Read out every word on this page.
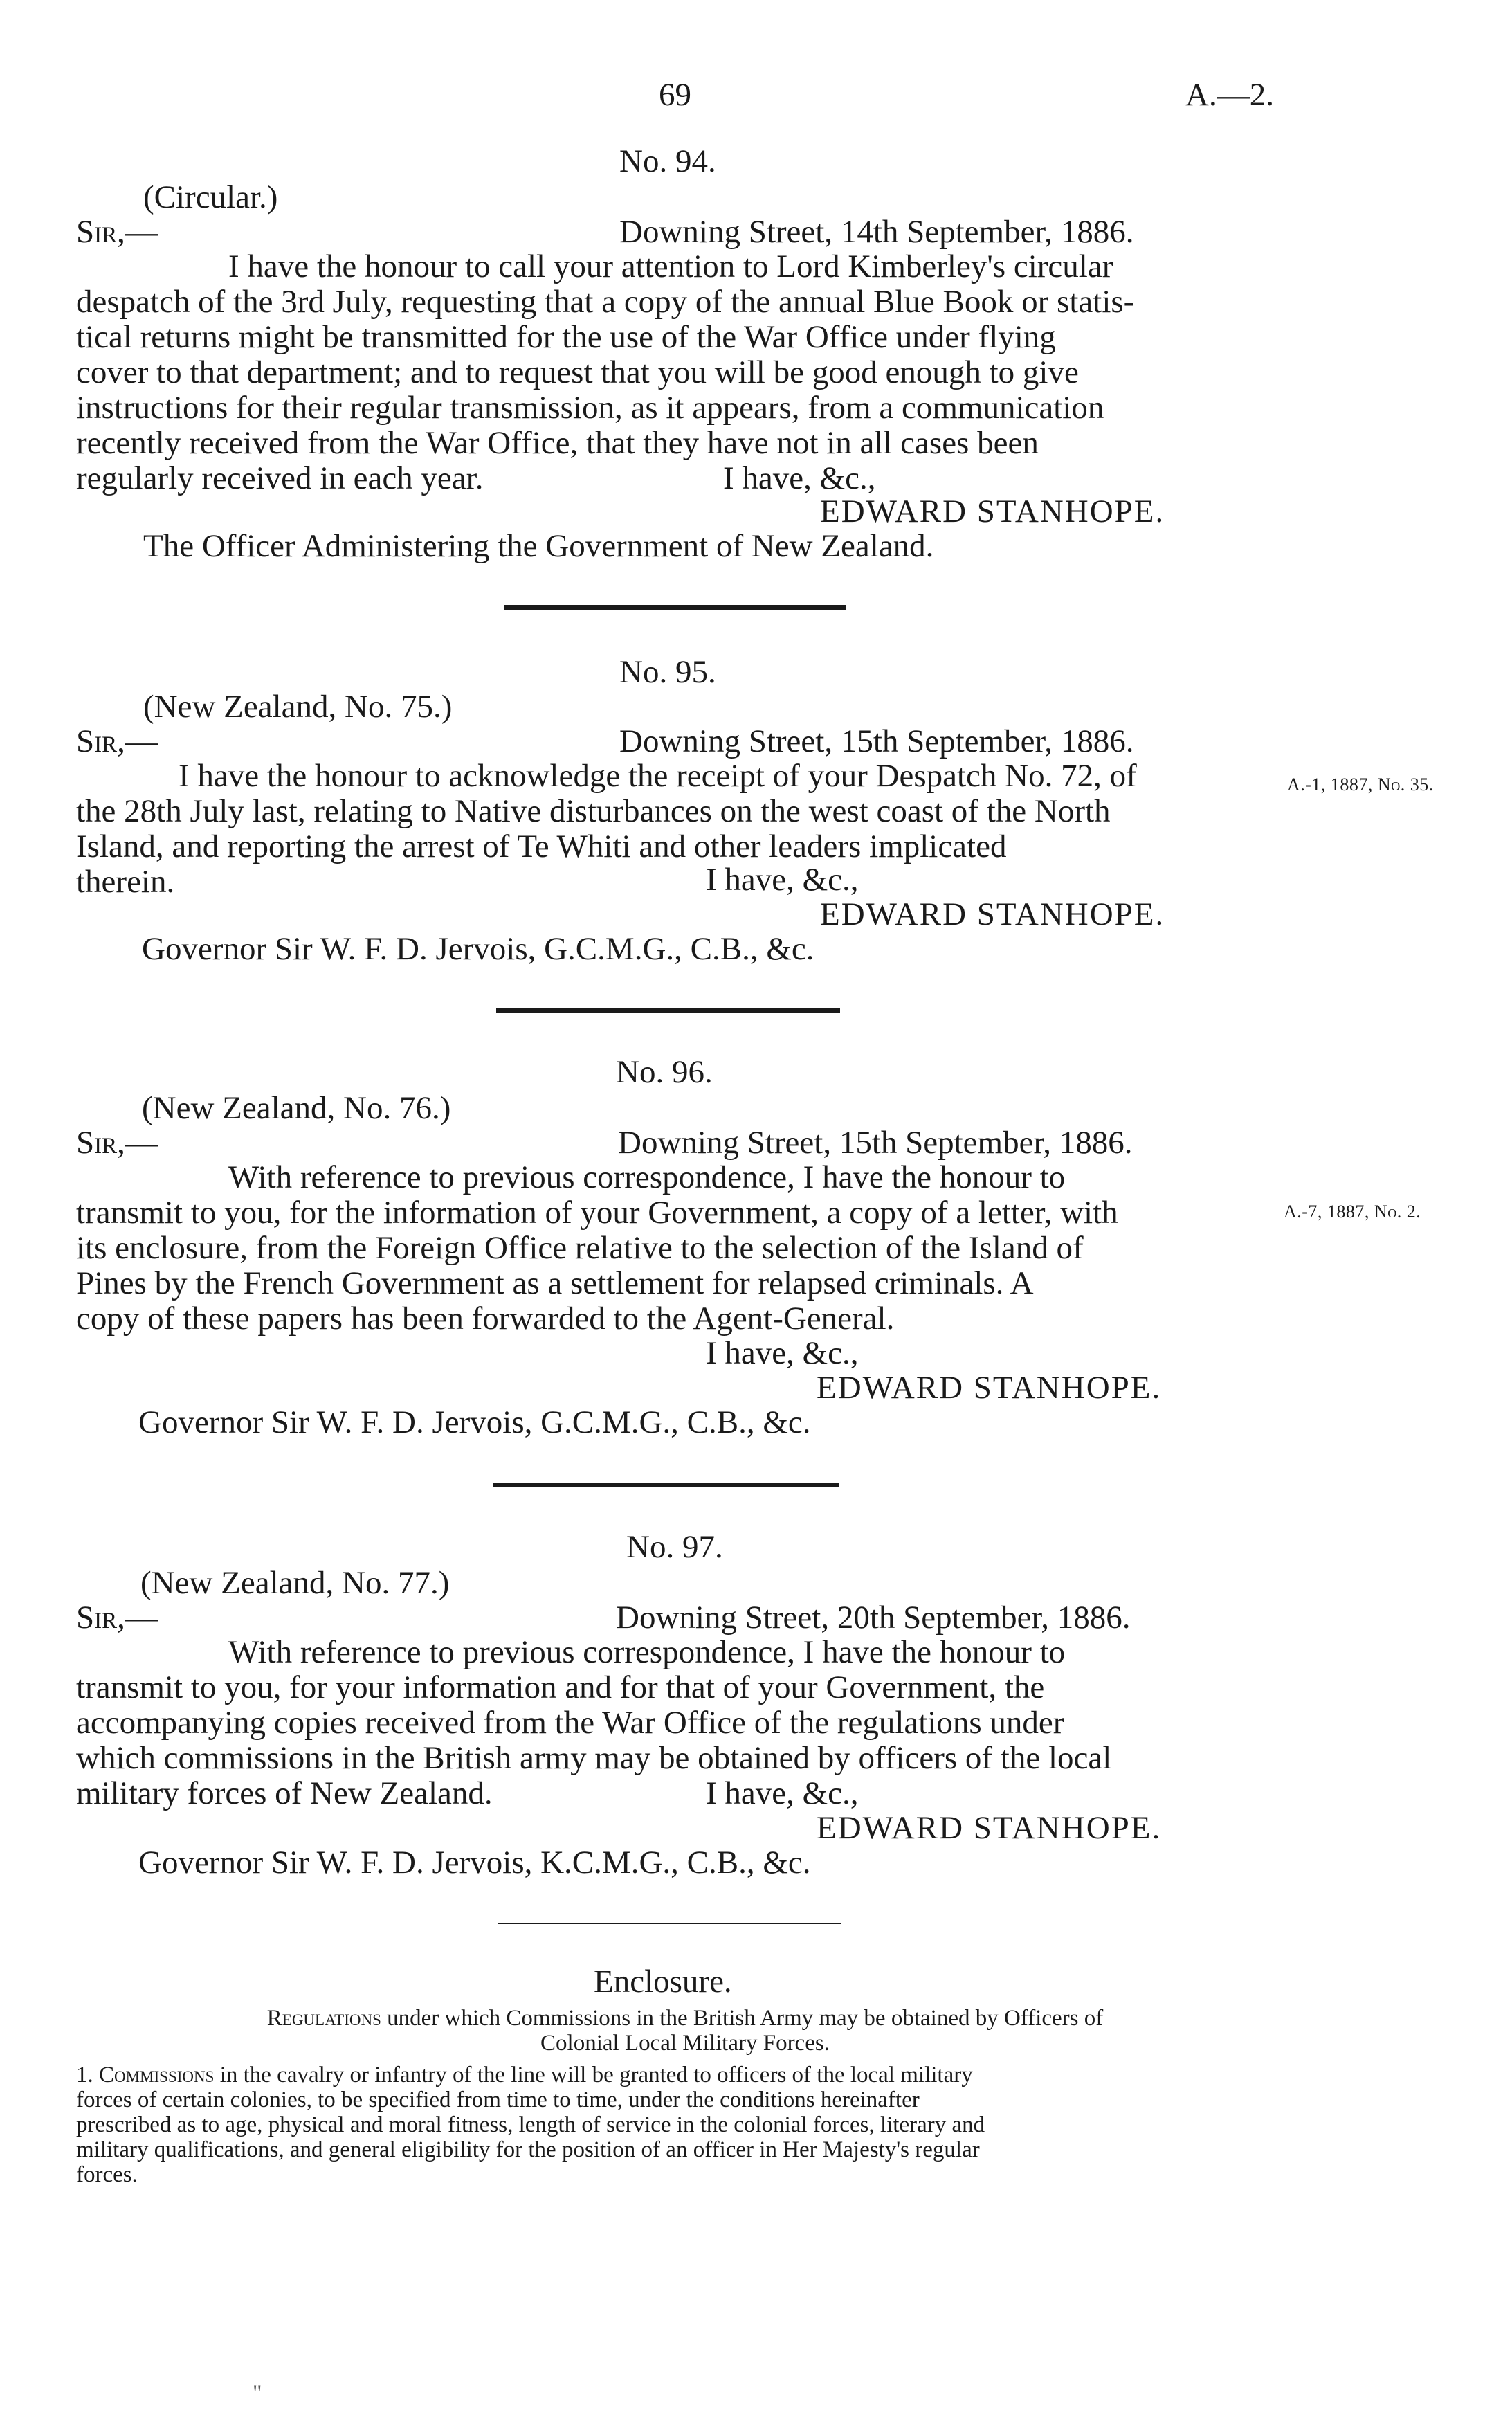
69	A.—2.
No. 94.
(Circular.)
Sir,—	Downing Street, 14th September, 1886.
I have the honour to call your attention to Lord Kimberley's circular
despatch of the 3rd July, requesting that a copy of the annual Blue Book or statis-
tical returns might be transmitted for the use of the War Office under flying
cover to that department; and to request that you will be good enough to give
instructions for their regular transmission, as it appears, from a communication
recently received from the War Office, that they have not in all cases been
regularly received in each year.	I have, &c.,
EDWARD STANHOPE.
The Officer Administering the Government of New Zealand.
No. 95.
(New Zealand, No. 75.)
Sir,—	Downing Street, 15th September, 1886.
I have the honour to acknowledge the receipt of your Despatch No. 72, of
the 28th July last, relating to Native disturbances on the west coast of the North
Island, and reporting the arrest of Te Whiti and other leaders implicated
therein.
A.-1, 1887, No. 35.
I have, &c.,
EDWARD STANHOPE.
Governor Sir W. F. D. Jervois, G.C.M.G., C.B., &c.
No. 96.
(New Zealand, No. 76.)
Sir,—	Downing Street, 15th September, 1886.
With reference to previous correspondence, I have the honour to
transmit to you, for the information of your Government, a copy of a letter, with
its enclosure, from the Foreign Office relative to the selection of the Island of
Pines by the French Government as a settlement for relapsed criminals. A
copy of these papers has been forwarded to the Agent-General.
A.-7, 1887, No. 2.
I have, &c.,
EDWARD STANHOPE.
Governor Sir W. F. D. Jervois, G.C.M.G., C.B., &c.
No. 97.
(New Zealand, No. 77.)
Sir,—	Downing Street, 20th September, 1886.
With reference to previous correspondence, I have the honour to
transmit to you, for your information and for that of your Government, the
accompanying copies received from the War Office of the regulations under
which commissions in the British army may be obtained by officers of the local
military forces of New Zealand.	I have, &c.,
EDWARD STANHOPE.
Governor Sir W. F. D. Jervois, K.C.M.G., C.B., &c.
Enclosure.
Regulations under which Commissions in the British Army may be obtained by Officers of
Colonial Local Military Forces.
1. Commissions in the cavalry or infantry of the line will be granted to officers of the local military
forces of certain colonies, to be specified from time to time, under the conditions hereinafter
prescribed as to age, physical and moral fitness, length of service in the colonial forces, literary and
military qualifications, and general eligibility for the position of an officer in Her Majesty's regular
forces.
"
